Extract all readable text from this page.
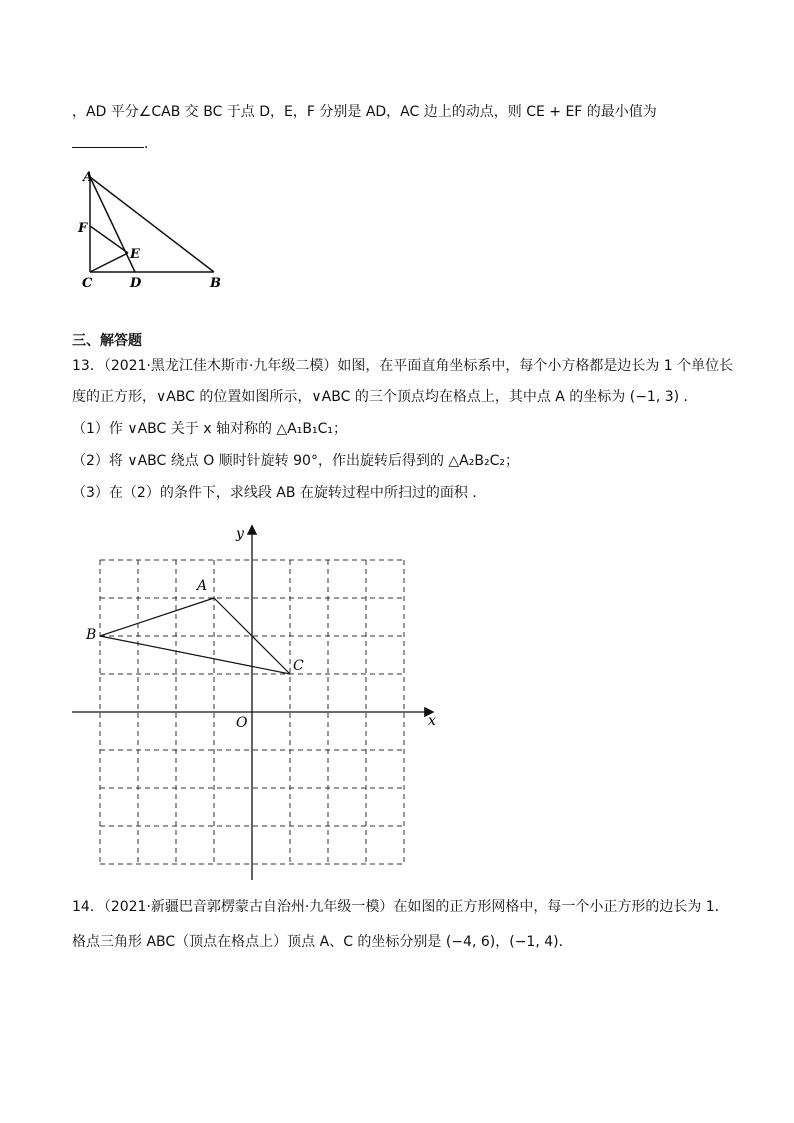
，AD 平分∠CAB 交 BC 于点 D，E，F 分别是 AD，AC 边上的动点，则 CE + EF 的最小值为
．
A
F
E
C	D	B
三、解答题
13．（2021·黑龙江佳木斯市·九年级二模）如图，在平面直角坐标系中，每个小方格都是边长为 1 个单位长
度的正方形，∨ABC 的位置如图所示，∨ABC 的三个顶点均在格点上，其中点 A 的坐标为 (−1, 3) ．
（1）作 ∨ABC 关于 x 轴对称的 △A₁B₁C₁；
（2）将 ∨ABC 绕点 O 顺时针旋转 90°，作出旋转后得到的 △A₂B₂C₂；
（3）在（2）的条件下，求线段 AB 在旋转过程中所扫过的面积 ．
y
x
O
A
B
C
14．（2021·新疆巴音郭楞蒙古自治州·九年级一模）在如图的正方形网格中，每一个小正方形的边长为 1．
格点三角形 ABC（顶点在格点上）顶点 A、C 的坐标分别是 (−4, 6)，(−1, 4)．
